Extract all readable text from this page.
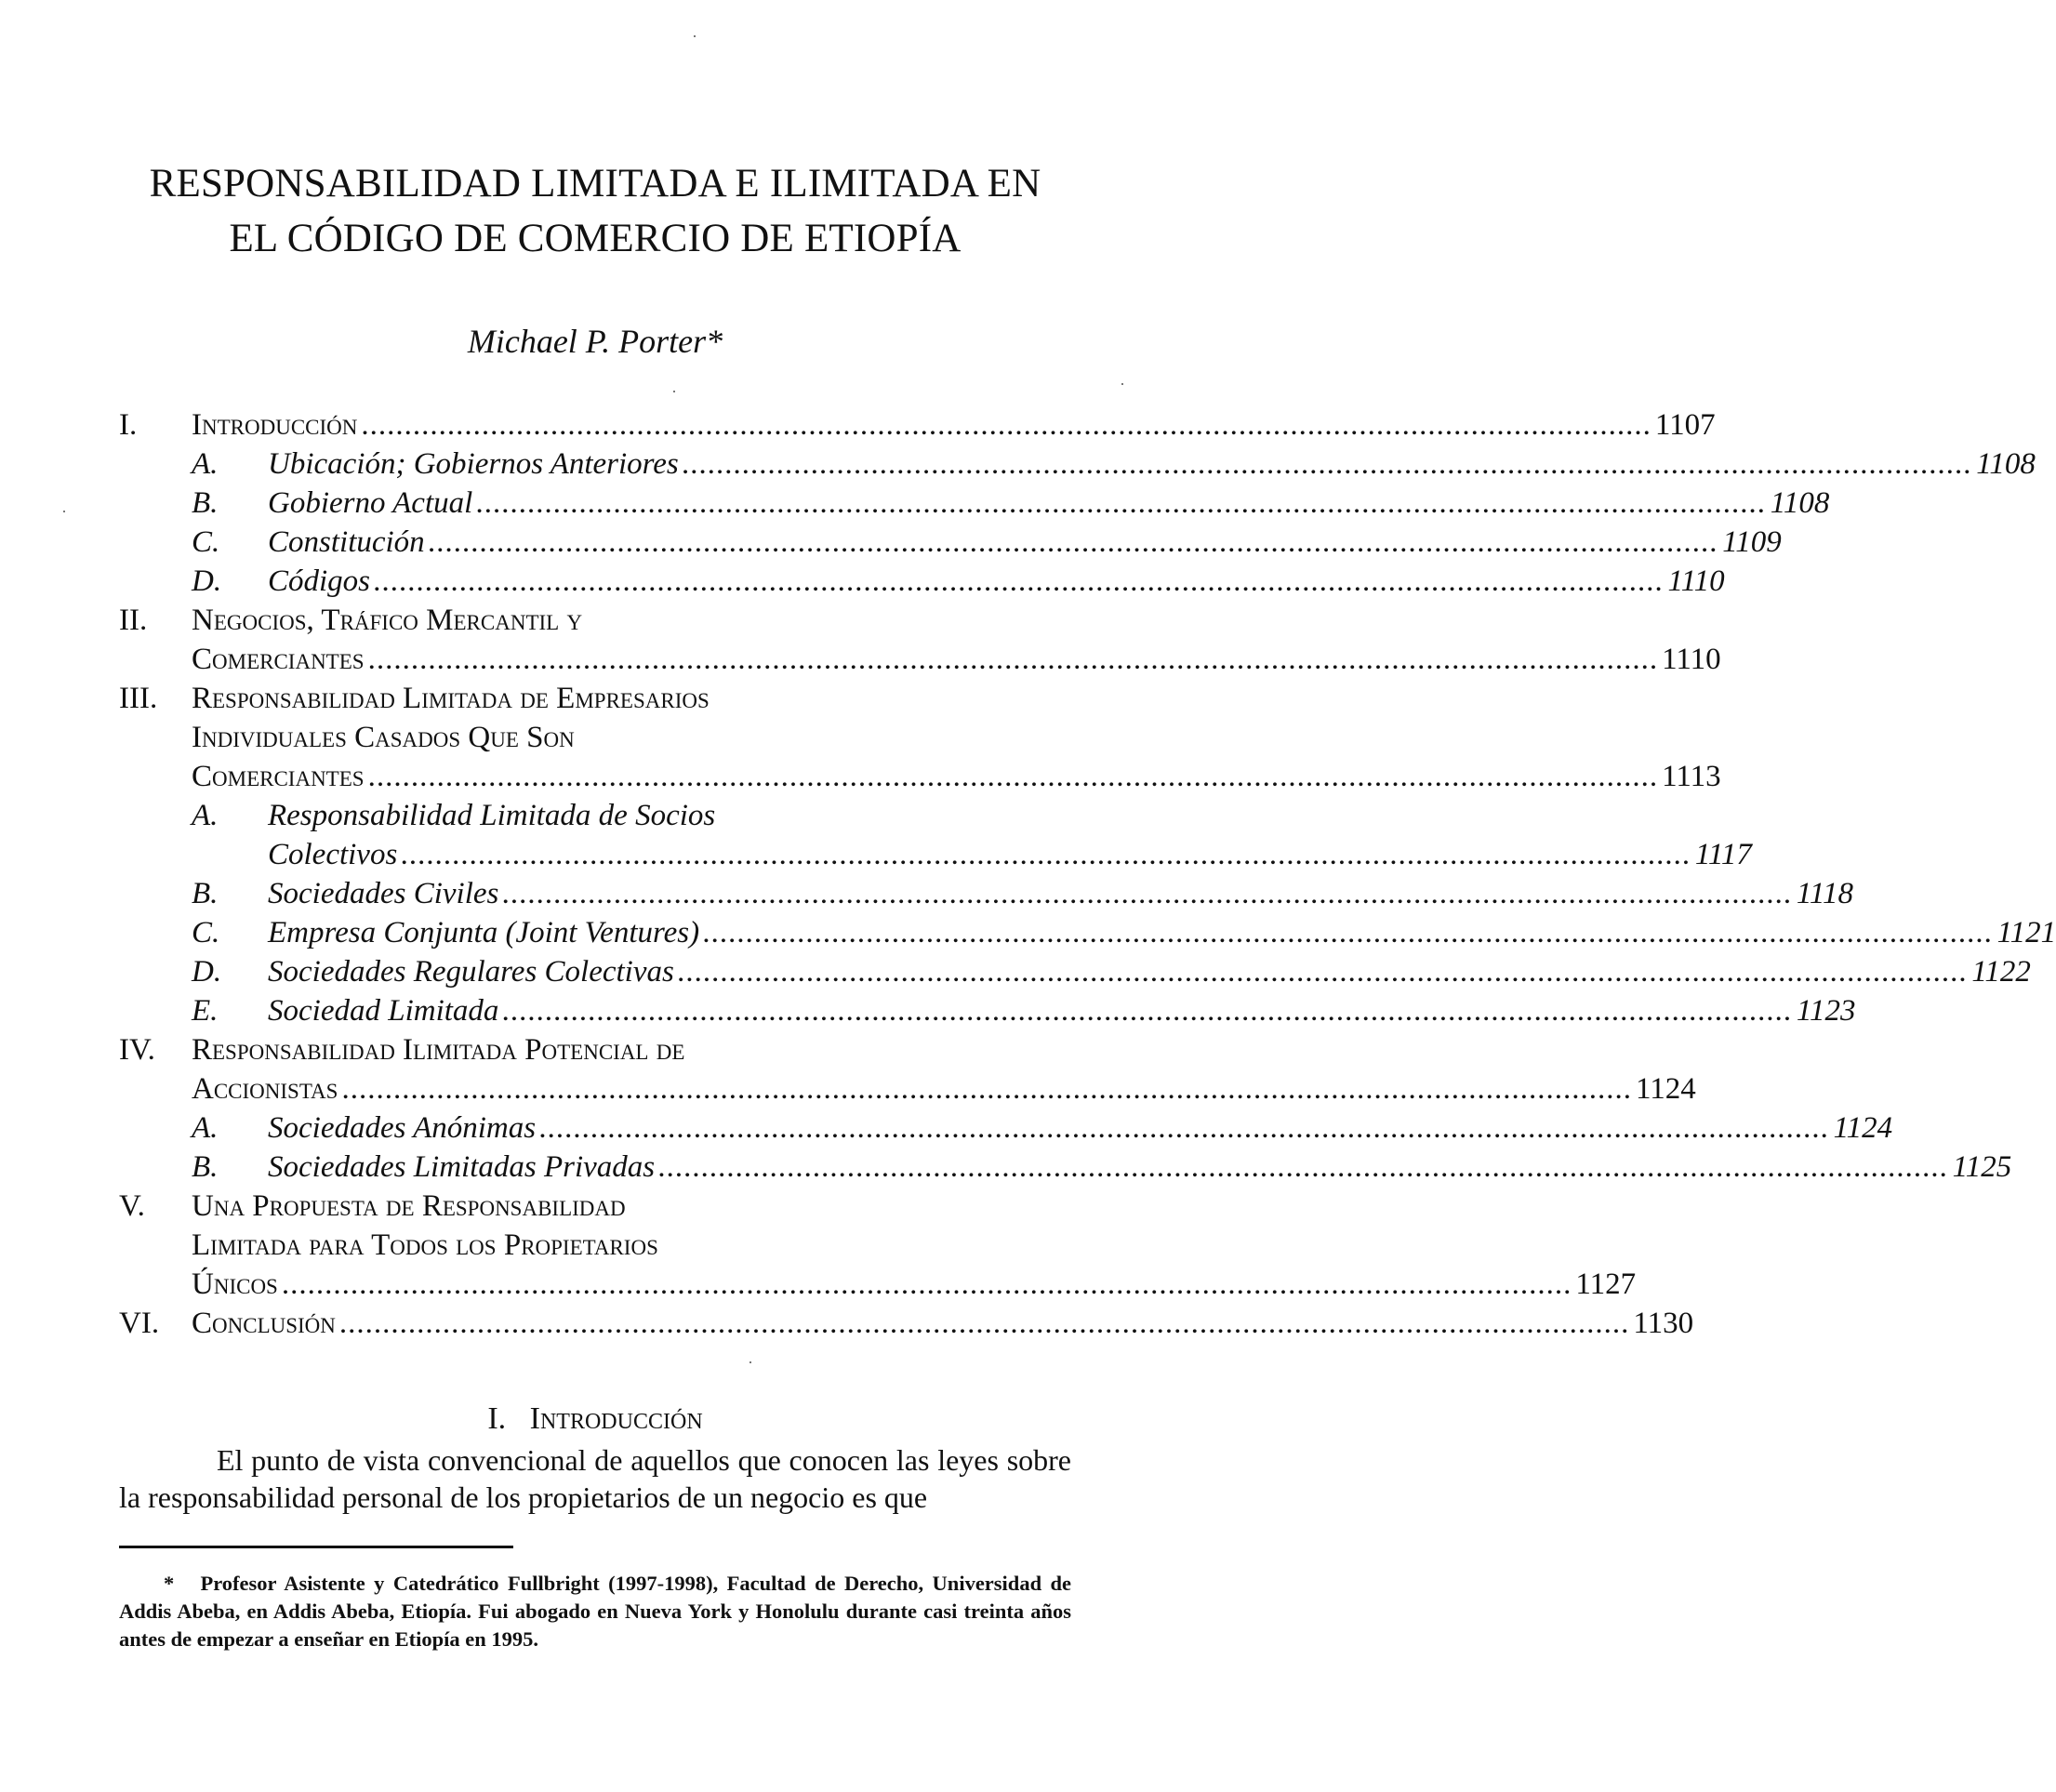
RESPONSABILIDAD LIMITADA E ILIMITADA EN
EL CÓDIGO DE COMERCIO DE ETIOPÍA
Michael P. Porter*
I. Introducción ...................................................................................................................................................... 1107
A. Ubicación; Gobiernos Anteriores ...................................................................................................................................................... 1108
B. Gobierno Actual ...................................................................................................................................................... 1108
C. Constitución ...................................................................................................................................................... 1109
D. Códigos ...................................................................................................................................................... 1110
II. Negocios, Tráfico Mercantil y
Comerciantes ...................................................................................................................................................... 1110
III. Responsabilidad Limitada de Empresarios
Individuales Casados Que Son
Comerciantes ...................................................................................................................................................... 1113
A. Responsabilidad Limitada de Socios
Colectivos ...................................................................................................................................................... 1117
B. Sociedades Civiles ...................................................................................................................................................... 1118
C. Empresa Conjunta (Joint Ventures) ...................................................................................................................................................... 1121
D. Sociedades Regulares Colectivas ...................................................................................................................................................... 1122
E. Sociedad Limitada ...................................................................................................................................................... 1123
IV. Responsabilidad Ilimitada Potencial de
Accionistas ...................................................................................................................................................... 1124
A. Sociedades Anónimas ...................................................................................................................................................... 1124
B. Sociedades Limitadas Privadas ...................................................................................................................................................... 1125
V. Una Propuesta de Responsabilidad
Limitada para Todos los Propietarios
Únicos ...................................................................................................................................................... 1127
VI. Conclusión ...................................................................................................................................................... 1130
I. Introducción
El punto de vista convencional de aquellos que conocen las leyes sobre la responsabilidad personal de los propietarios de un negocio es que
* Profesor Asistente y Catedrático Fullbright (1997-1998), Facultad de Derecho, Universidad de Addis Abeba, en Addis Abeba, Etiopía. Fui abogado en Nueva York y Honolulu durante casi treinta años antes de empezar a enseñar en Etiopía en 1995.
